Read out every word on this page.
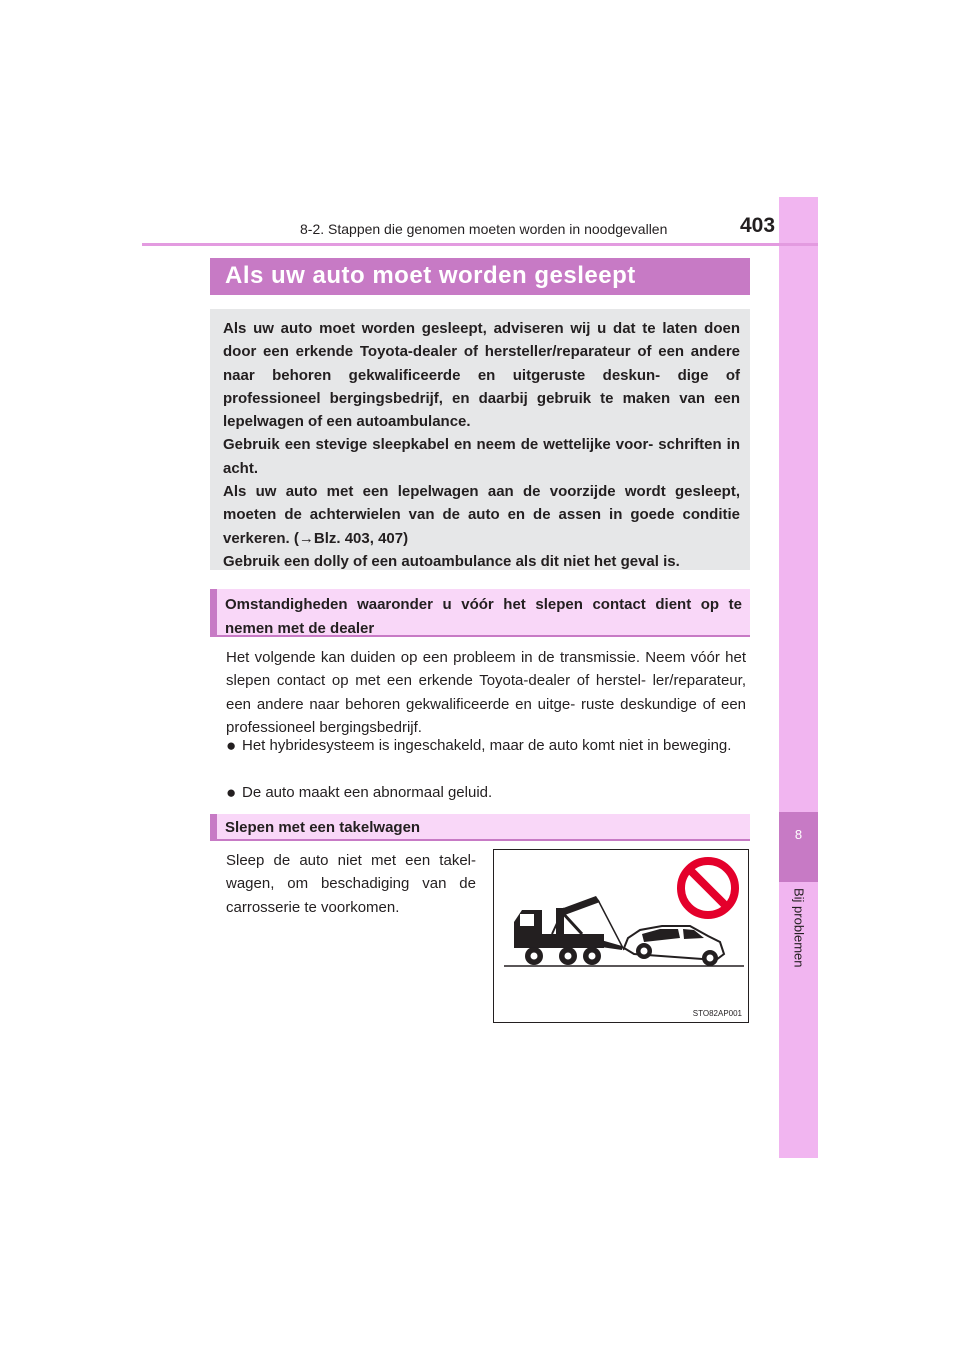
8
Bij problemen
8-2. Stappen die genomen moeten worden in noodgevallen	403
Als uw auto moet worden gesleept

Als uw auto moet worden gesleept, adviseren wij u dat te laten doen door een erkende Toyota-dealer of hersteller/reparateur of een andere naar behoren gekwalificeerde en uitgeruste deskun- dige of professioneel bergingsbedrijf, en daarbij gebruik te maken van een lepelwagen of een autoambulance.

Gebruik een stevige sleepkabel en neem de wettelijke voor- schriften in acht.

Als uw auto met een lepelwagen aan de voorzijde wordt gesleept, moeten de achterwielen van de auto en de assen in goede conditie verkeren. (→Blz. 403, 407)

Gebruik een dolly of een autoambulance als dit niet het geval is.

Omstandigheden waaronder u vóór het slepen contact dient op te nemen met de dealer
Het volgende kan duiden op een probleem in de transmissie. Neem vóór het slepen contact op met een erkende Toyota-dealer of herstel- ler/reparateur, een andere naar behoren gekwalificeerde en uitge- ruste deskundige of een professioneel bergingsbedrijf.
● Het hybridesysteem is ingeschakeld, maar de auto komt niet in beweging.
● De auto maakt een abnormaal geluid.
Slepen met een takelwagen
Sleep de auto niet met een takel- wagen, om beschadiging van de carrosserie te voorkomen.
STO82AP001
